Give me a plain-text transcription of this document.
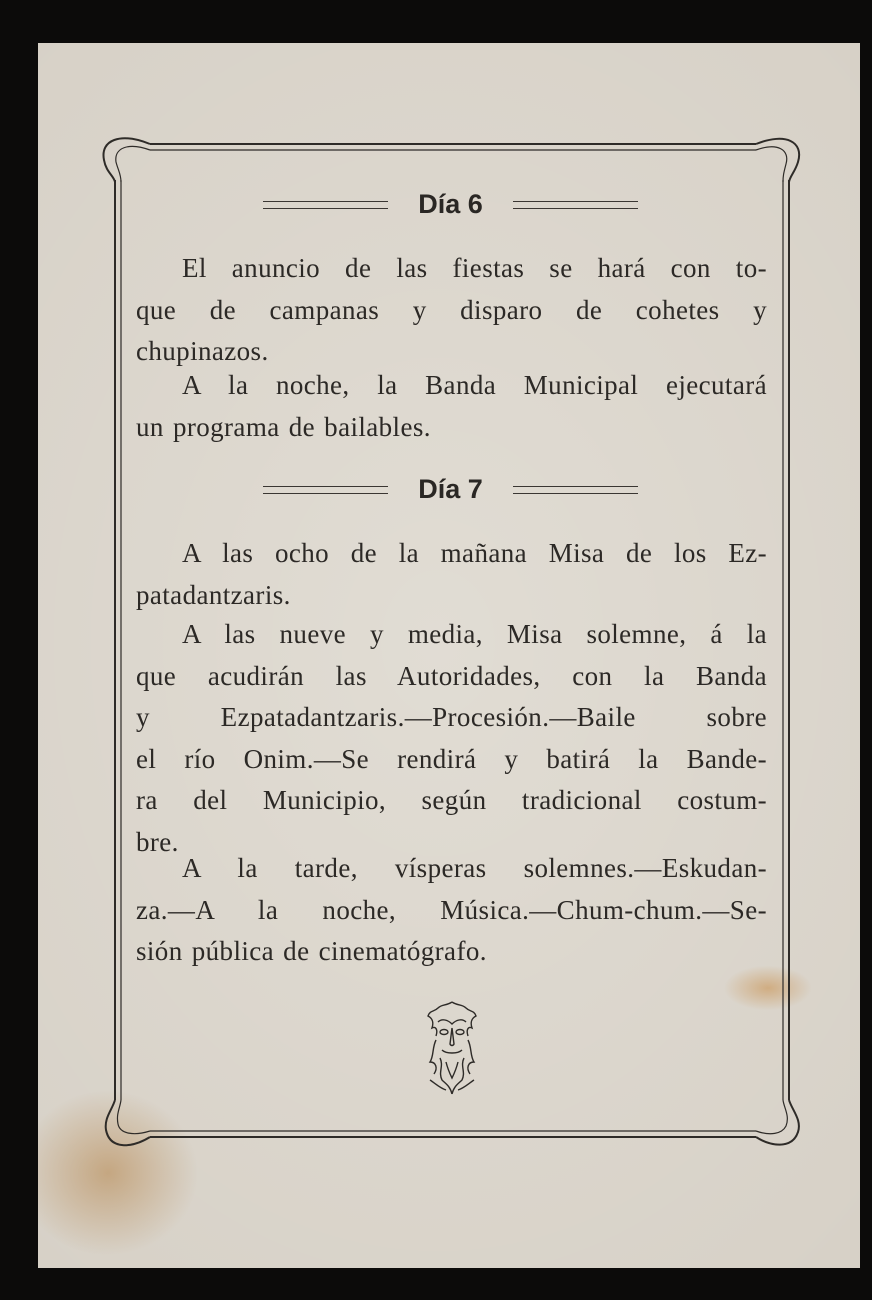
Día 6

El anuncio de las fiestas se hará con to-
que de campanas y disparo de cohetes y
chupinazos.

A la noche, la Banda Municipal ejecutará
un programa de bailables.

Día 7

A las ocho de la mañana Misa de los Ez-
patadantzaris.

A las nueve y media, Misa solemne, á la
que acudirán las Autoridades, con la Banda
y Ezpatadantzaris.—Procesión.—Baile sobre
el río Onim.—Se rendirá y batirá la Bande-
ra del Municipio, según tradicional costum-
bre.

A la tarde, vísperas solemnes.—Eskudan-
za.—A la noche, Música.—Chum-chum.—Se-
sión pública de cinematógrafo.
